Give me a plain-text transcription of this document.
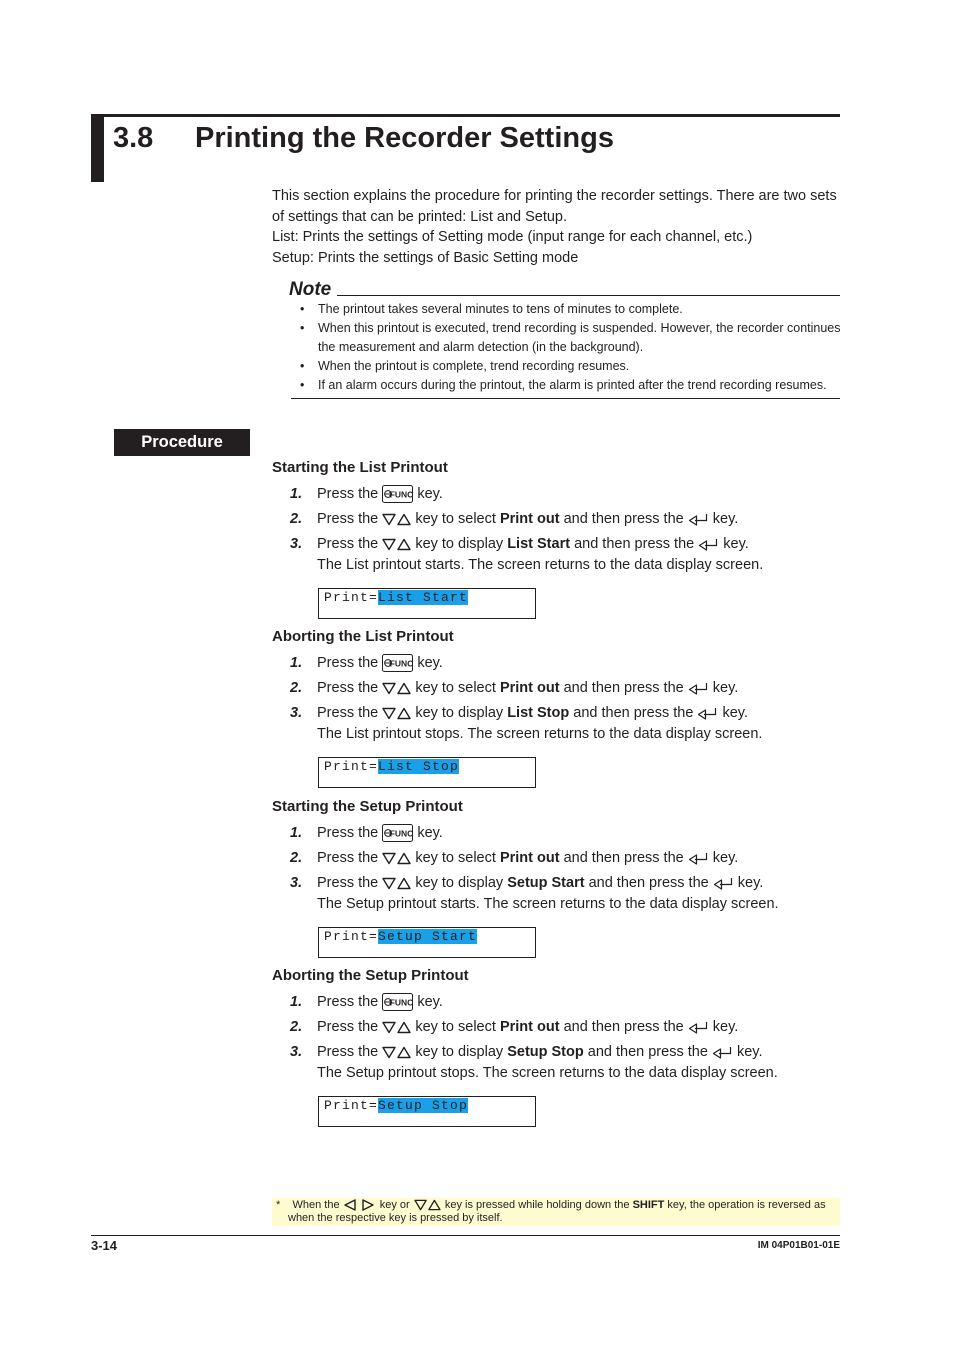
3.8 Printing the Recorder Settings

This section explains the procedure for printing the recorder settings. There are two sets of settings that can be printed: List and Setup.

List: Prints the settings of Setting mode (input range for each channel, etc.)

Setup: Prints the settings of Basic Setting mode

Note
• The printout takes several minutes to tens of minutes to complete.
• When this printout is executed, trend recording is suspended. However, the recorder continues the measurement and alarm detection (in the background).
• When the printout is complete, trend recording resumes.
• If an alarm occurs during the printout, the alarm is printed after the trend recording resumes.
Procedure
Starting the List Printout
1. Press the FUNC key.
2. Press the	key to select Print out and then press the key.
3. Press the	key to display List Start and then press the key.
The List printout starts. The screen returns to the data display screen.
Print=List Start
Aborting the List Printout
1. Press the FUNC key.
2. Press the	key to select Print out and then press the key.
3. Press the	key to display List Stop and then press the key.
The List printout stops. The screen returns to the data display screen.
Print=List Stop
Starting the Setup Printout
1. Press the FUNC key.
2. Press the	key to select Print out and then press the key.
3. Press the	key to display Setup Start and then press the key.
The Setup printout starts. The screen returns to the data display screen.
Print=Setup Start
Aborting the Setup Printout
1. Press the FUNC key.
2. Press the	key to select Print out and then press the key.
3. Press the	key to display Setup Stop and then press the key.
The Setup printout stops. The screen returns to the data display screen.
Print=Setup Stop
* When the	key or	key is pressed while holding down the SHIFT key, the operation is reversed as
when the respective key is pressed by itself.
3-14	IM 04P01B01-01E
